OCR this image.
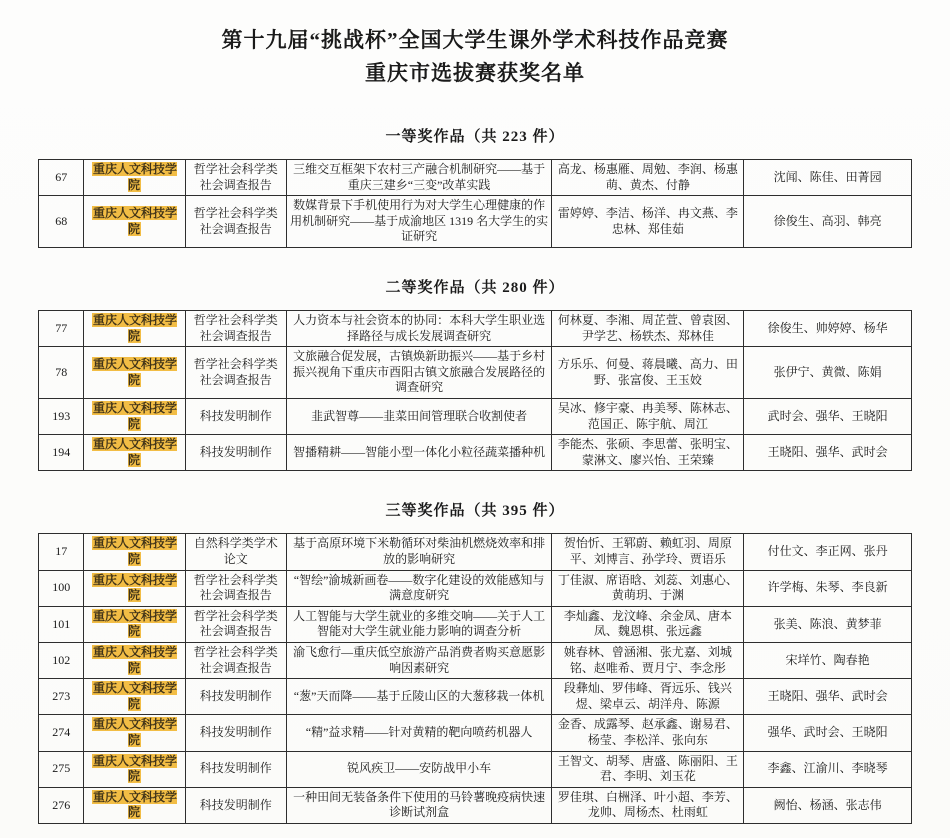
第十九届“挑战杯”全国大学生课外学术科技作品竞赛
重庆市选拔赛获奖名单
一等奖作品（共 223 件）
67	重庆人文科技学院	哲学社会科学类社会调查报告	三维交互框架下农村三产融合机制研究——基于重庆三建乡“三变”改革实践	高龙、杨惠雁、周勉、李润、杨惠萌、黄杰、付静	沈闻、陈佳、田菁园
68	重庆人文科技学院	哲学社会科学类社会调查报告	数媒背景下手机使用行为对大学生心理健康的作用机制研究——基于成渝地区 1319 名大学生的实证研究	雷婷婷、李洁、杨洋、冉文燕、李忠林、郑佳茹	徐俊生、高羽、韩亮
二等奖作品（共 280 件）
77	重庆人文科技学院	哲学社会科学类社会调查报告	人力资本与社会资本的协同：本科大学生职业选择路径与成长发展调查研究	何林夏、李湘、周芷萱、曾袁囡、尹学艺、杨轶杰、郑林佳	徐俊生、帅婷婷、杨华
78	重庆人文科技学院	哲学社会科学类社会调查报告	文旅融合促发展，古镇焕新助振兴——基于乡村振兴视角下重庆市酉阳古镇文旅融合发展路径的调查研究	方乐乐、何曼、蒋晨曦、高力、田野、张富俊、王玉姣	张伊宁、黄微、陈娟
193	重庆人文科技学院	科技发明制作	韭武智尊——韭菜田间管理联合收割使者	吴冰、修宇豪、冉美琴、陈林志、范国正、陈宇航、周江	武时会、强华、王晓阳
194	重庆人文科技学院	科技发明制作	智播精耕——智能小型一体化小粒径蔬菜播种机	李能杰、张硕、李思蕾、张明宝、蒙淋文、廖兴怡、王荣臻	王晓阳、强华、武时会
三等奖作品（共 395 件）
17	重庆人文科技学院	自然科学类学术论文	基于高原环境下米勒循环对柴油机燃烧效率和排放的影响研究	贺怡忻、王郓蔚、赖虹羽、周原平、刘博言、孙学玲、贾语乐	付仕文、李正网、张丹
100	重庆人文科技学院	哲学社会科学类社会调查报告	“智绘”渝城新画卷——数字化建设的效能感知与满意度研究	丁佳淑、席语晗、刘蕊、刘惠心、黄萌玥、于渊	许学梅、朱琴、李良新
101	重庆人文科技学院	哲学社会科学类社会调查报告	人工智能与大学生就业的多维交响——关于人工智能对大学生就业能力影响的调查分析	李灿鑫、龙汶峰、余金凤、唐本凤、魏恩棋、张远鑫	张美、陈浪、黄梦菲
102	重庆人文科技学院	哲学社会科学类社会调查报告	渝飞愈行—重庆低空旅游产品消费者购买意愿影响因素研究	姚春林、曾涵湘、张尤嘉、刘城铭、赵唯希、贾月宁、李念彤	宋垟竹、陶春艳
273	重庆人文科技学院	科技发明制作	“葱”天而降——基于丘陵山区的大葱移栽一体机	段彝灿、罗伟峰、胥远乐、钱兴煜、梁卓云、胡洋舟、陈源	王晓阳、强华、武时会
274	重庆人文科技学院	科技发明制作	“精”益求精——针对黄精的靶向喷药机器人	金香、成露琴、赵承鑫、谢易君、杨莹、李松洋、张向东	强华、武时会、王晓阳
275	重庆人文科技学院	科技发明制作	锐风疾卫——安防战甲小车	王智文、胡琴、唐盛、陈丽阳、王君、李明、刘玉花	李鑫、江渝川、李晓琴
276	重庆人文科技学院	科技发明制作	一种田间无装备条件下使用的马铃薯晚疫病快速诊断试剂盒	罗佳琪、白栦泽、叶小超、李芳、龙帅、周杨杰、杜雨虹	阙怡、杨涵、张志伟
